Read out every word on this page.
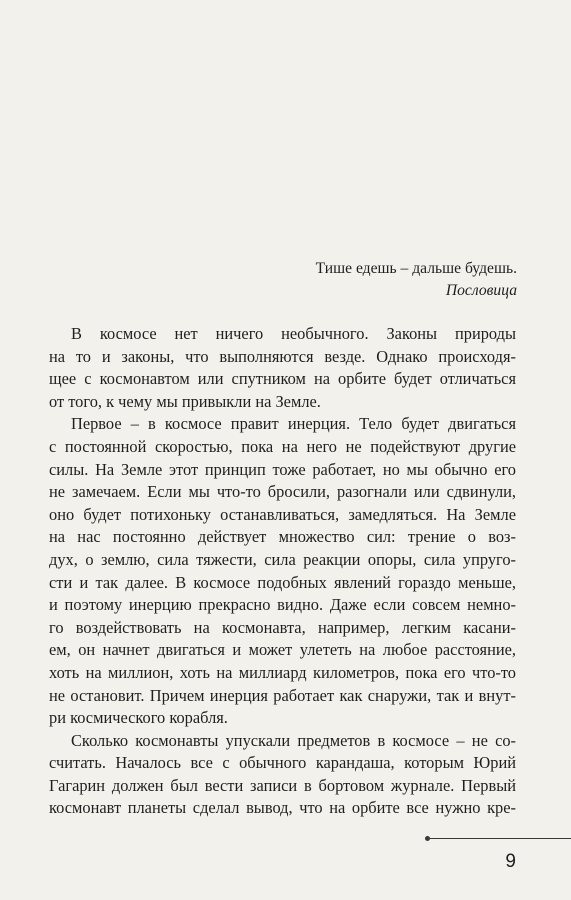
Тише едешь – дальше будешь.
Пословица
В космосе нет ничего необычного. Законы природы
на то и законы, что выполняются везде. Однако происходя-
щее с космонавтом или спутником на орбите будет отличаться
от того, к чему мы привыкли на Земле.
Первое – в космосе правит инерция. Тело будет двигаться
с постоянной скоростью, пока на него не подействуют другие
силы. На Земле этот принцип тоже работает, но мы обычно его
не замечаем. Если мы что-то бросили, разогнали или сдвинули,
оно будет потихоньку останавливаться, замедляться. На Земле
на нас постоянно действует множество сил: трение о воз-
дух, о землю, сила тяжести, сила реакции опоры, сила упруго-
сти и так далее. В космосе подобных явлений гораздо меньше,
и поэтому инерцию прекрасно видно. Даже если совсем немно-
го воздействовать на космонавта, например, легким касани-
ем, он начнет двигаться и может улететь на любое расстояние,
хоть на миллион, хоть на миллиард километров, пока его что-то
не остановит. Причем инерция работает как снаружи, так и внут-
ри космического корабля.
Сколько космонавты упускали предметов в космосе – не со-
считать. Началось все с обычного карандаша, которым Юрий
Гагарин должен был вести записи в бортовом журнале. Первый
космонавт планеты сделал вывод, что на орбите все нужно кре-
9
